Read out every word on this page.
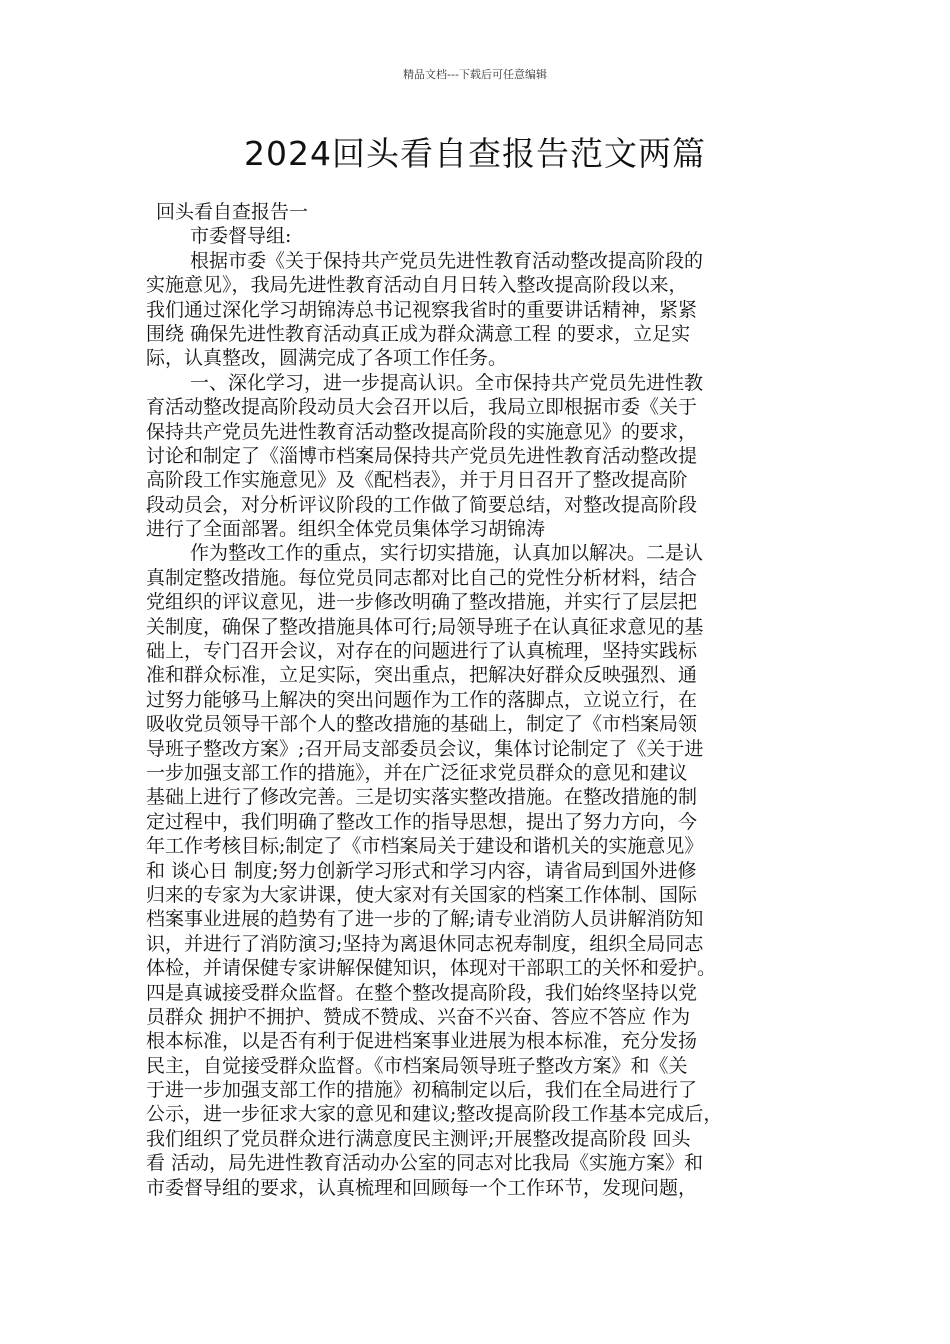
精品文档---下载后可任意编辑
2024回头看自查报告范文两篇
回头看自查报告一
市委督导组:
根据市委《关于保持共产党员先进性教育活动整改提高阶段的
实施意见》，我局先进性教育活动自月日转入整改提高阶段以来，
我们通过深化学习胡锦涛总书记视察我省时的重要讲话精神，紧紧
围绕 确保先进性教育活动真正成为群众满意工程 的要求，立足实
际，认真整改，圆满完成了各项工作任务。
一、深化学习，进一步提高认识。全市保持共产党员先进性教
育活动整改提高阶段动员大会召开以后，我局立即根据市委《关于
保持共产党员先进性教育活动整改提高阶段的实施意见》的要求，
讨论和制定了《淄博市档案局保持共产党员先进性教育活动整改提
高阶段工作实施意见》及《配档表》，并于月日召开了整改提高阶
段动员会，对分析评议阶段的工作做了简要总结，对整改提高阶段
进行了全面部署。组织全体党员集体学习胡锦涛
作为整改工作的重点，实行切实措施，认真加以解决。二是认
真制定整改措施。每位党员同志都对比自己的党性分析材料，结合
党组织的评议意见，进一步修改明确了整改措施，并实行了层层把
关制度，确保了整改措施具体可行;局领导班子在认真征求意见的基
础上，专门召开会议，对存在的问题进行了认真梳理，坚持实践标
准和群众标准，立足实际，突出重点，把解决好群众反映强烈、通
过努力能够马上解决的突出问题作为工作的落脚点，立说立行，在
吸收党员领导干部个人的整改措施的基础上，制定了《市档案局领
导班子整改方案》;召开局支部委员会议，集体讨论制定了《关于进
一步加强支部工作的措施》，并在广泛征求党员群众的意见和建议
基础上进行了修改完善。三是切实落实整改措施。在整改措施的制
定过程中，我们明确了整改工作的指导思想，提出了努力方向，今
年工作考核目标;制定了《市档案局关于建设和谐机关的实施意见》
和 谈心日 制度;努力创新学习形式和学习内容，请省局到国外进修
归来的专家为大家讲课，使大家对有关国家的档案工作体制、国际
档案事业进展的趋势有了进一步的了解;请专业消防人员讲解消防知
识，并进行了消防演习;坚持为离退休同志祝寿制度，组织全局同志
体检，并请保健专家讲解保健知识，体现对干部职工的关怀和爱护。
四是真诚接受群众监督。在整个整改提高阶段，我们始终坚持以党
员群众 拥护不拥护、赞成不赞成、兴奋不兴奋、答应不答应 作为
根本标准，以是否有利于促进档案事业进展为根本标准，充分发扬
民主，自觉接受群众监督。《市档案局领导班子整改方案》和《关
于进一步加强支部工作的措施》初稿制定以后，我们在全局进行了
公示，进一步征求大家的意见和建议;整改提高阶段工作基本完成后，
我们组织了党员群众进行满意度民主测评;开展整改提高阶段 回头
看 活动，局先进性教育活动办公室的同志对比我局《实施方案》和
市委督导组的要求，认真梳理和回顾每一个工作环节，发现问题，
